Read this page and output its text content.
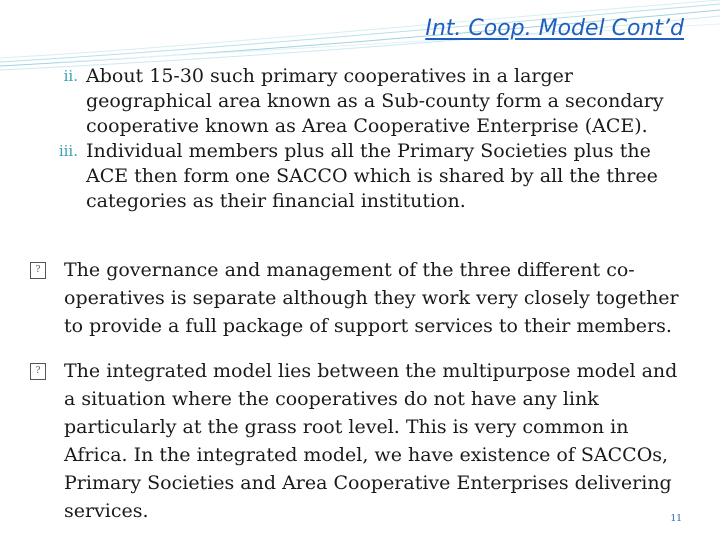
Int. Coop. Model Cont’d
ii. About 15-30 such primary cooperatives in a larger geographical area known as a Sub-county form a secondary cooperative known as Area Cooperative Enterprise (ACE).
iii. Individual members plus all the Primary Societies plus the ACE then form one SACCO which is shared by all the three categories as their financial institution.
?	The governance and management of the three different co-operatives is separate although they work very closely together to provide a full package of support services to their members.
?	The integrated model lies between the multipurpose model and a situation where the cooperatives do not have any link particularly at the grass root level. This is very common in Africa. In the integrated model, we have existence of SACCOs, Primary Societies and Area Cooperative Enterprises delivering services.	11
